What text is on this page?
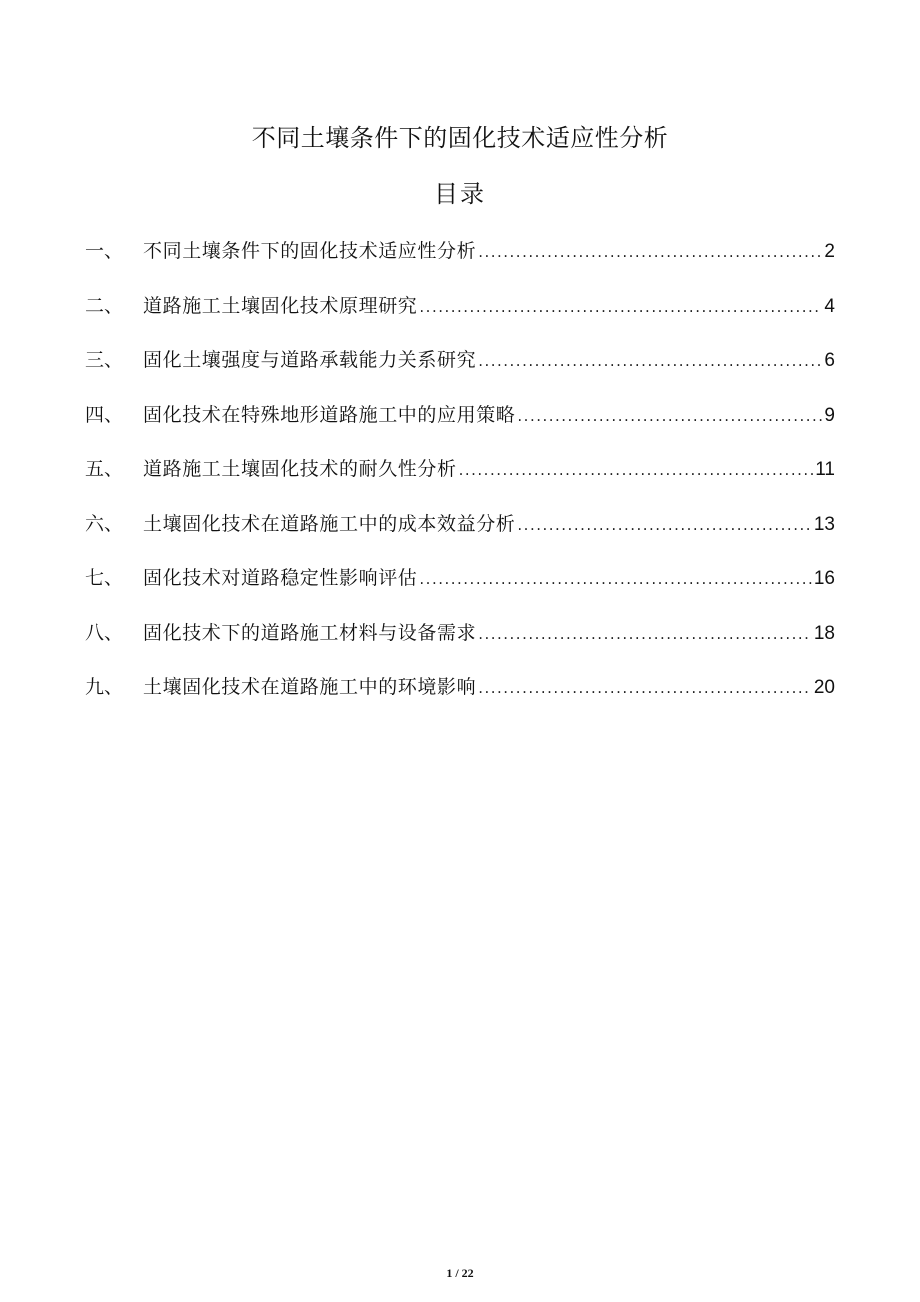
不同土壤条件下的固化技术适应性分析
目录
一、	不同土壤条件下的固化技术适应性分析 .....	2
二、	道路施工土壤固化技术原理研究 .....	4
三、	固化土壤强度与道路承载能力关系研究 .....	6
四、	固化技术在特殊地形道路施工中的应用策略 .....	9
五、	道路施工土壤固化技术的耐久性分析 .....	11
六、	土壤固化技术在道路施工中的成本效益分析 .....	13
七、	固化技术对道路稳定性影响评估 .....	16
八、	固化技术下的道路施工材料与设备需求 .....	18
九、	土壤固化技术在道路施工中的环境影响 .....	20
1 / 22
